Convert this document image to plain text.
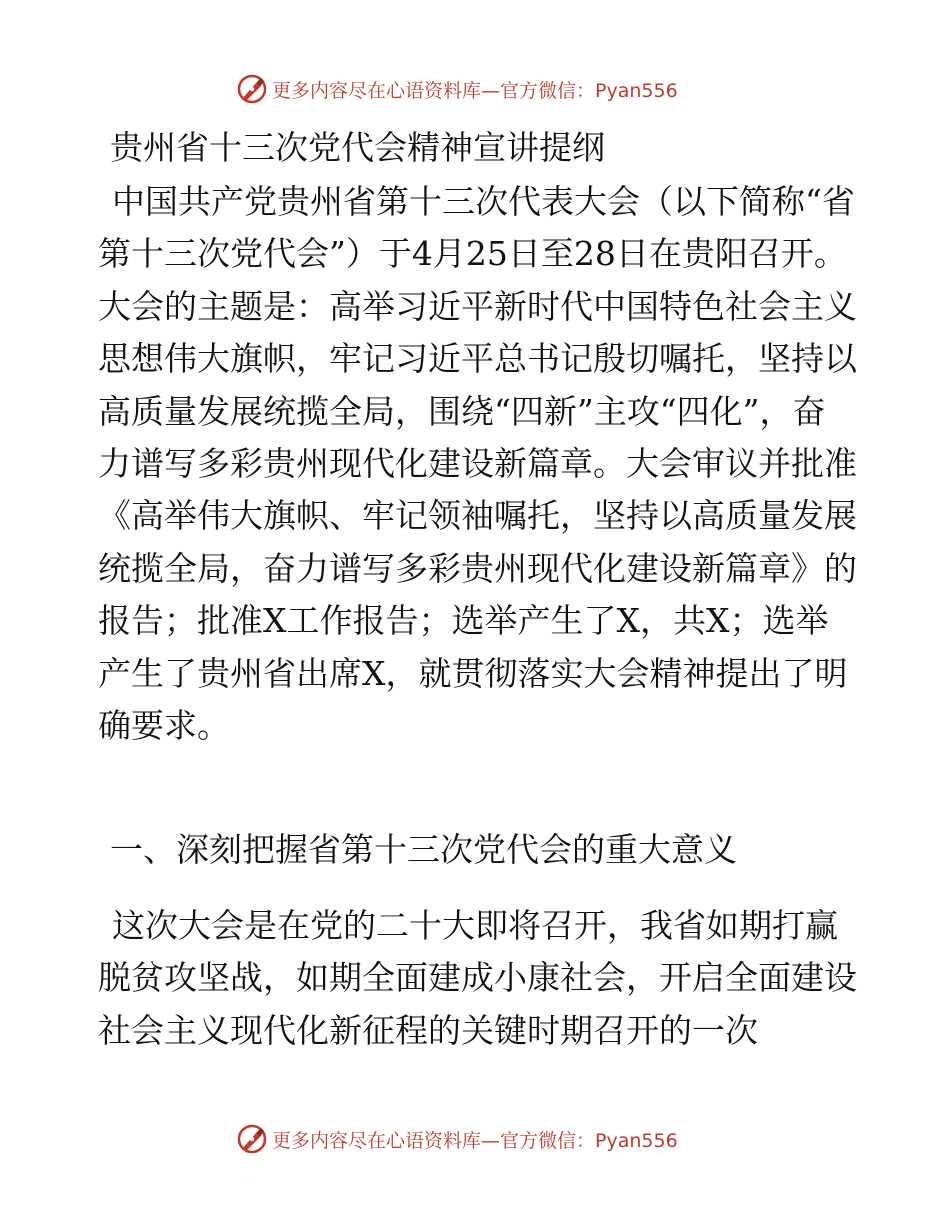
更多内容尽在心语资料库—官方微信：Pyan556
贵州省十三次党代会精神宣讲提纲

中国共产党贵州省第十三次代表大会（以下简称“省第十三次党代会”）于4月25日至28日在贵阳召开。大会的主题是：高举习近平新时代中国特色社会主义思想伟大旗帜，牢记习近平总书记殷切嘱托，坚持以高质量发展统揽全局，围绕“四新”主攻“四化”，奋力谱写多彩贵州现代化建设新篇章。大会审议并批准《高举伟大旗帜、牢记领袖嘱托，坚持以高质量发展统揽全局，奋力谱写多彩贵州现代化建设新篇章》的报告；批准X工作报告；选举产生了X，共X；选举产生了贵州省出席X，就贯彻落实大会精神提出了明确要求。

一、深刻把握省第十三次党代会的重大意义

这次大会是在党的二十大即将召开，我省如期打赢脱贫攻坚战，如期全面建成小康社会，开启全面建设社会主义现代化新征程的关键时期召开的一次

更多内容尽在心语资料库—官方微信：Pyan556
